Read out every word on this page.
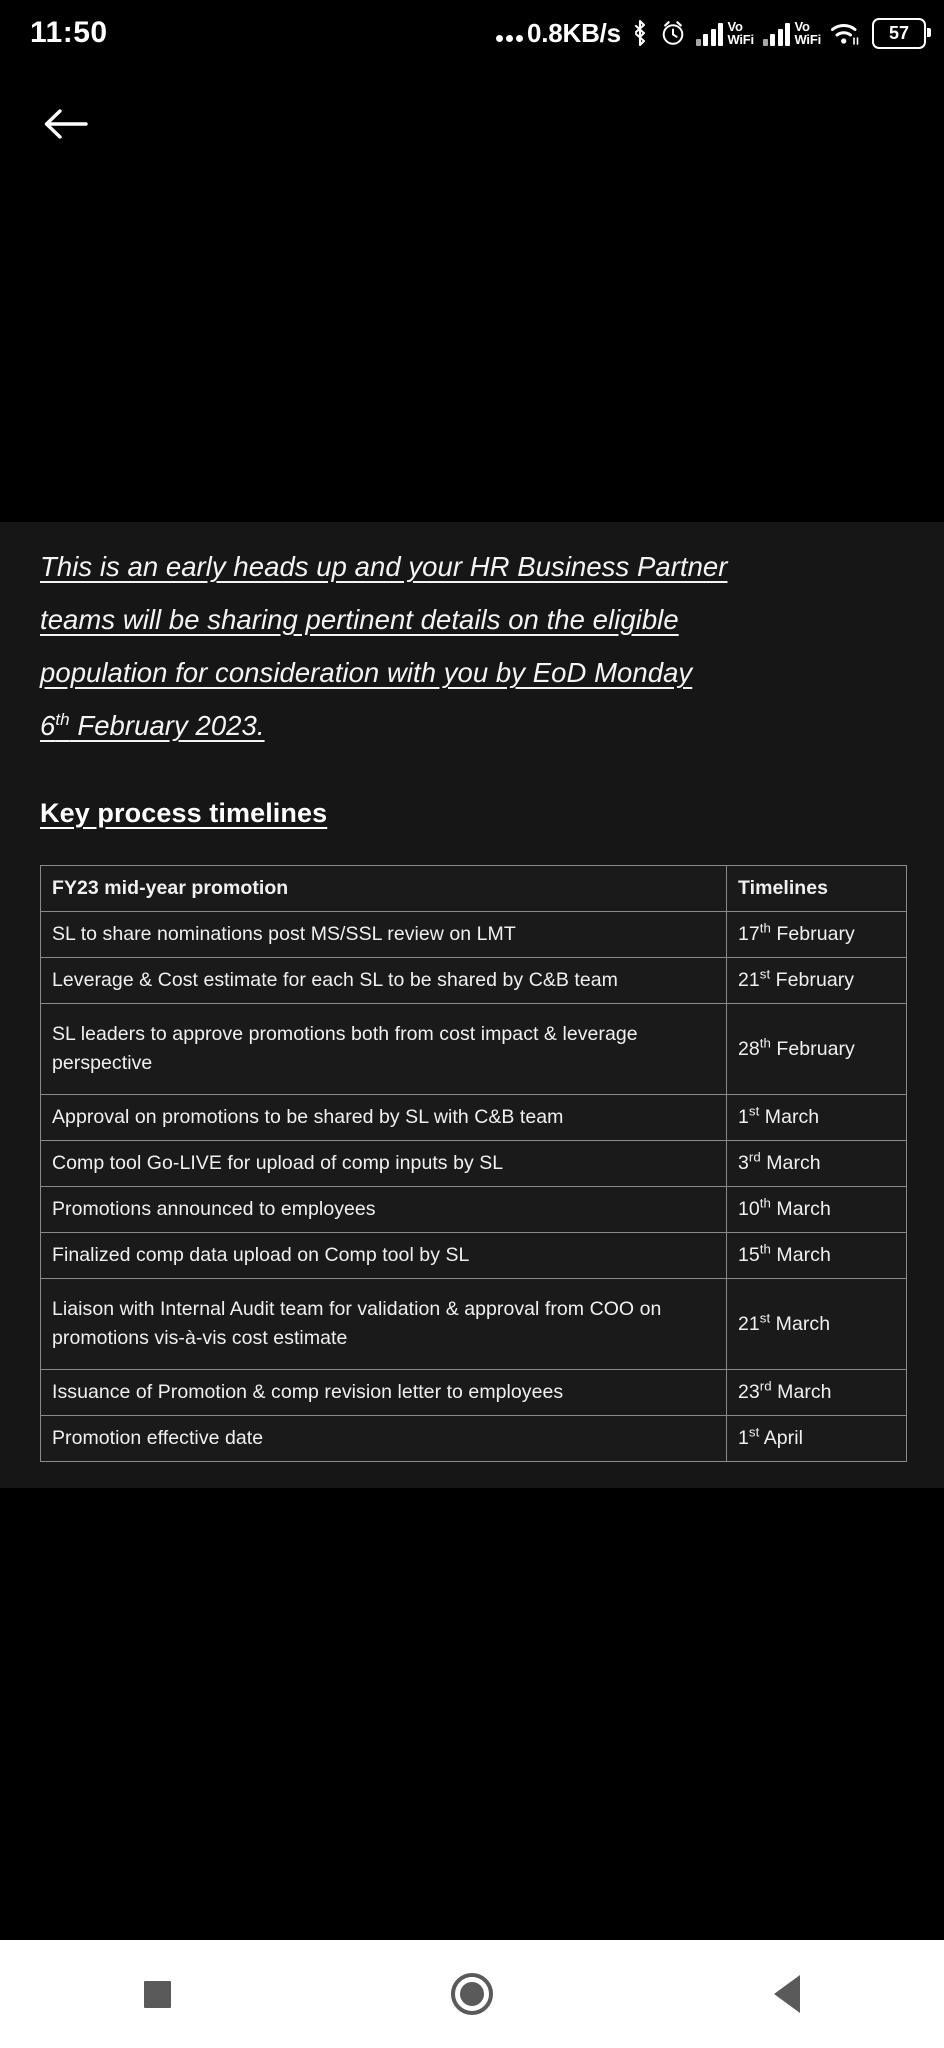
11:50	0.8KB/s	Vo
WiFi
Vo
WiFi	57

This is an early heads up and your HR Business Partner
teams will be sharing pertinent details on the eligible
population for consideration with you by EoD Monday
6th February 2023.

Key process timelines
FY23 mid-year promotion	Timelines
SL to share nominations post MS/SSL review on LMT	17th February
Leverage & Cost estimate for each SL to be shared by C&B team	21st February
SL leaders to approve promotions both from cost impact & leverage perspective	28th February
Approval on promotions to be shared by SL with C&B team	1st March
Comp tool Go-LIVE for upload of comp inputs by SL	3rd March
Promotions announced to employees	10th March
Finalized comp data upload on Comp tool by SL	15th March
Liaison with Internal Audit team for validation & approval from COO on promotions vis-à-vis cost estimate	21st March
Issuance of Promotion & comp revision letter to employees	23rd March
Promotion effective date	1st April
